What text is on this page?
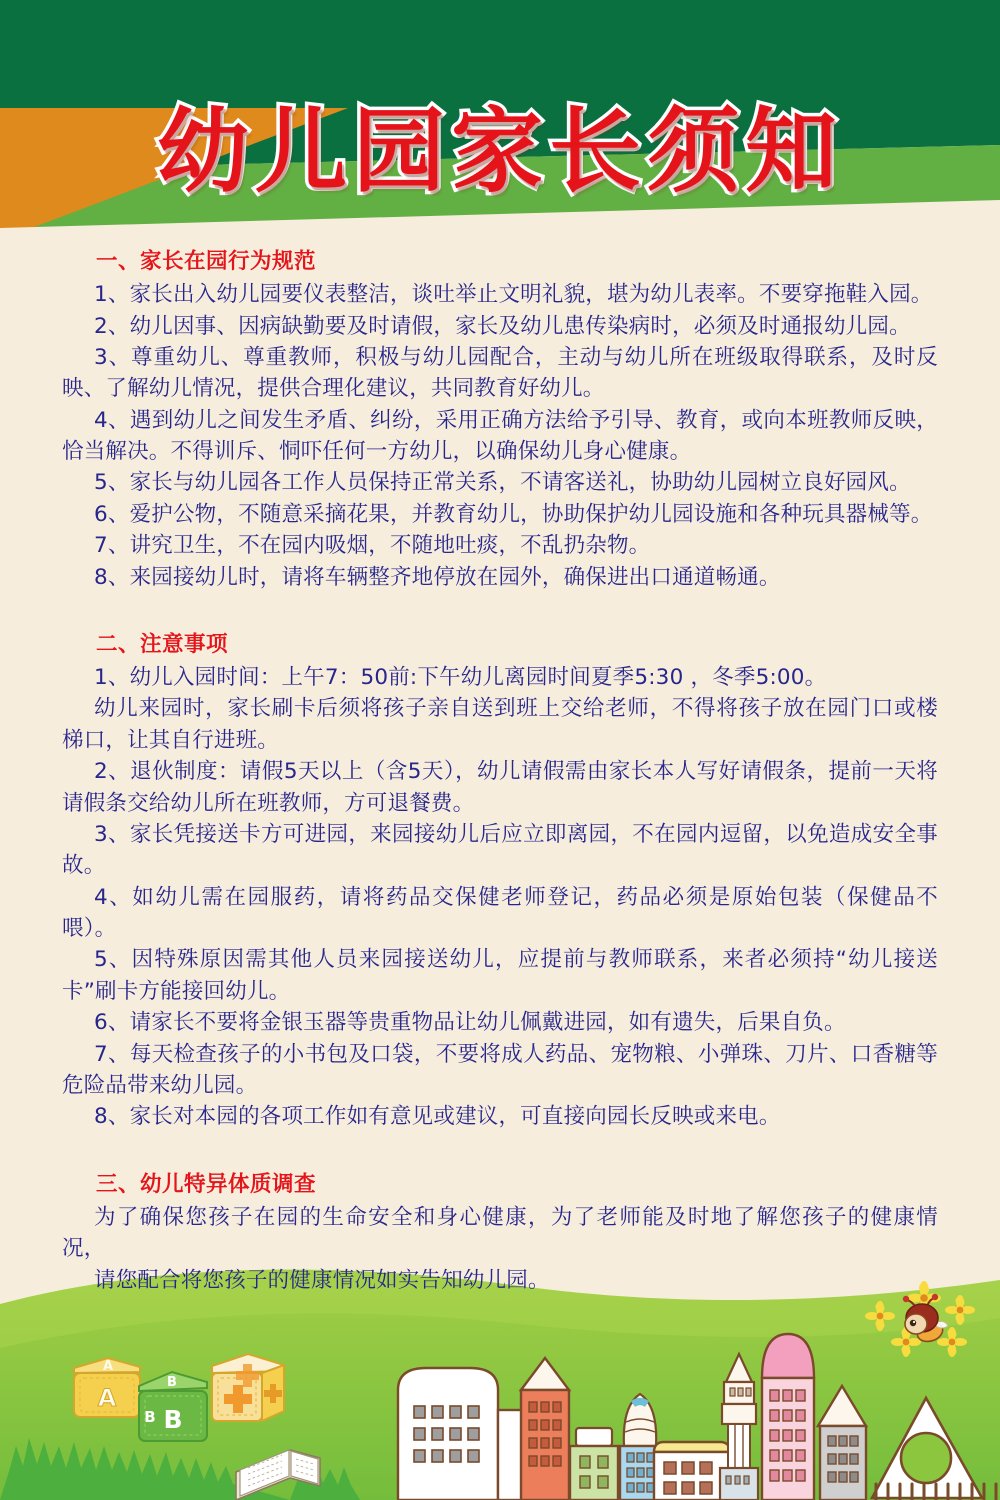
幼儿园家长须知
一、家长在园行为规范

1、家长出入幼儿园要仪表整洁，谈吐举止文明礼貌，堪为幼儿表率。不要穿拖鞋入园。

2、幼儿因事、因病缺勤要及时请假，家长及幼儿患传染病时，必须及时通报幼儿园。

3、尊重幼儿、尊重教师，积极与幼儿园配合，主动与幼儿所在班级取得联系，及时反映、了解幼儿情况，提供合理化建议，共同教育好幼儿。

4、遇到幼儿之间发生矛盾、纠纷，采用正确方法给予引导、教育，或向本班教师反映，恰当解决。不得训斥、恫吓任何一方幼儿，以确保幼儿身心健康。

5、家长与幼儿园各工作人员保持正常关系，不请客送礼，协助幼儿园树立良好园风。

6、爱护公物，不随意采摘花果，并教育幼儿，协助保护幼儿园设施和各种玩具器械等。

7、讲究卫生，不在园内吸烟，不随地吐痰，不乱扔杂物。

8、来园接幼儿时，请将车辆整齐地停放在园外，确保进出口通道畅通。

二、注意事项

1、幼儿入园时间：上午7：50前:下午幼儿离园时间夏季5:30 ，冬季5:00。

幼儿来园时，家长刷卡后须将孩子亲自送到班上交给老师，不得将孩子放在园门口或楼梯口，让其自行进班。

2、退伙制度：请假5天以上（含5天），幼儿请假需由家长本人写好请假条，提前一天将请假条交给幼儿所在班教师，方可退餐费。

3、家长凭接送卡方可进园，来园接幼儿后应立即离园，不在园内逗留，以免造成安全事故。

4、如幼儿需在园服药，请将药品交保健老师登记，药品必须是原始包装（保健品不喂）。

5、因特殊原因需其他人员来园接送幼儿，应提前与教师联系，来者必须持“幼儿接送卡”刷卡方能接回幼儿。

6、请家长不要将金银玉器等贵重物品让幼儿佩戴进园，如有遗失，后果自负。

7、每天检查孩子的小书包及口袋，不要将成人药品、宠物粮、小弹珠、刀片、口香糖等危险品带来幼儿园。

8、家长对本园的各项工作如有意见或建议，可直接向园长反映或来电。

三、幼儿特异体质调查

为了确保您孩子在园的生命安全和身心健康，为了老师能及时地了解您孩子的健康情况，

请您配合将您孩子的健康情况如实告知幼儿园。

A
A
B
B
B
